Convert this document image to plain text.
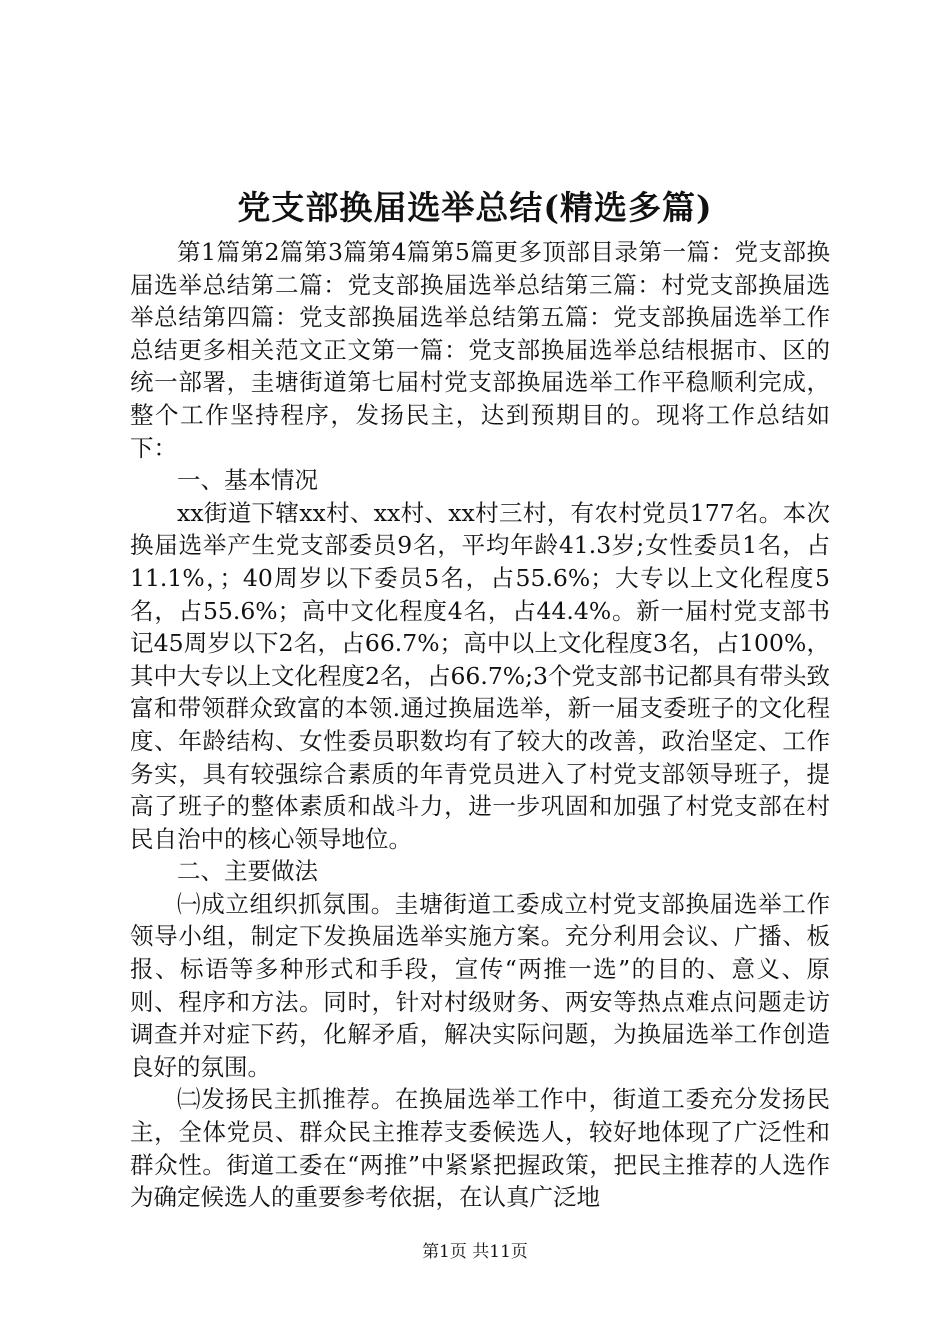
党支部换届选举总结(精选多篇)

第1篇第2篇第3篇第4篇第5篇更多顶部目录第一篇：党支部换届选举总结第二篇：党支部换届选举总结第三篇：村党支部换届选举总结第四篇：党支部换届选举总结第五篇：党支部换届选举工作总结更多相关范文正文第一篇：党支部换届选举总结根据市、区的统一部署，圭塘街道第七届村党支部换届选举工作平稳顺利完成，整个工作坚持程序，发扬民主，达到预期目的。现将工作总结如下：

一、基本情况

xx街道下辖xx村、xx村、xx村三村，有农村党员177名。本次换届选举产生党支部委员9名，平均年龄41.3岁;女性委员1名，占11.1%，；40周岁以下委员5名，占55.6%；大专以上文化程度5名，占55.6%；高中文化程度4名，占44.4%。新一届村党支部书记45周岁以下2名，占66.7%；高中以上文化程度3名，占100%，其中大专以上文化程度2名，占66.7%;3个党支部书记都具有带头致富和带领群众致富的本领.通过换届选举，新一届支委班子的文化程度、年龄结构、女性委员职数均有了较大的改善，政治坚定、工作务实，具有较强综合素质的年青党员进入了村党支部领导班子，提高了班子的整体素质和战斗力，进一步巩固和加强了村党支部在村民自治中的核心领导地位。

二、主要做法

㈠成立组织抓氛围。圭塘街道工委成立村党支部换届选举工作领导小组，制定下发换届选举实施方案。充分利用会议、广播、板报、标语等多种形式和手段，宣传“两推一选”的目的、意义、原则、程序和方法。同时，针对村级财务、两安等热点难点问题走访调查并对症下药，化解矛盾，解决实际问题，为换届选举工作创造良好的氛围。

㈡发扬民主抓推荐。在换届选举工作中，街道工委充分发扬民主，全体党员、群众民主推荐支委候选人，较好地体现了广泛性和群众性。街道工委在“两推”中紧紧把握政策，把民主推荐的人选作为确定候选人的重要参考依据，在认真广泛地

第1页 共11页
